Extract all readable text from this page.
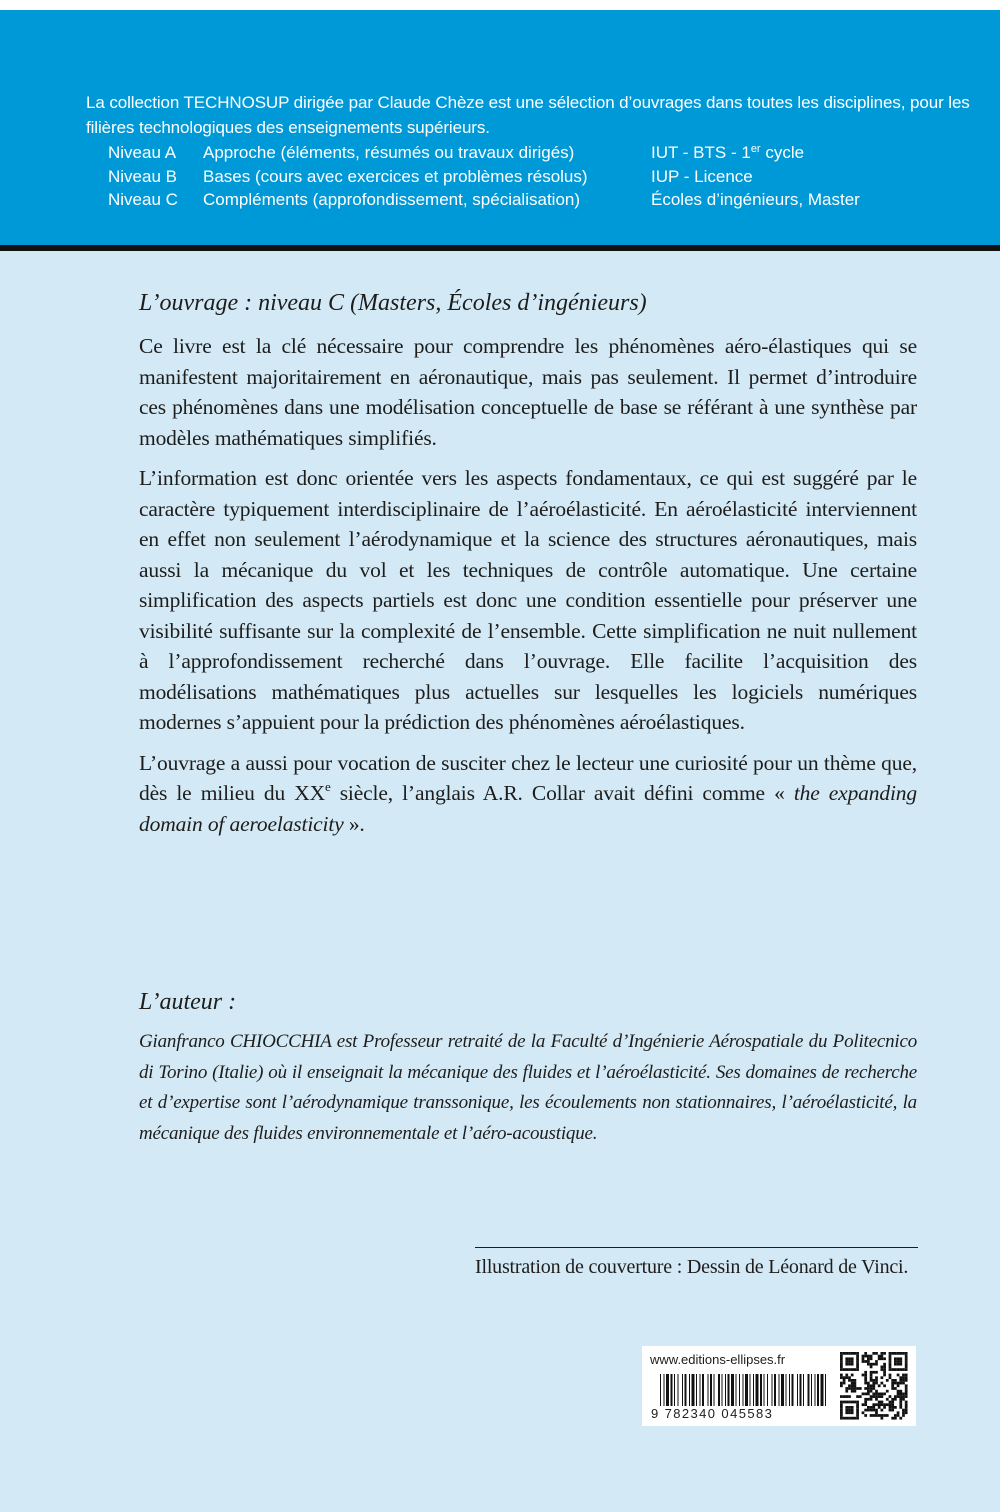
La collection TECHNOSUP dirigée par Claude Chèze est une sélection d’ouvrages dans toutes les disciplines, pour les filières technologiques des enseignements supérieurs.
Niveau A	Approche (éléments, résumés ou travaux dirigés)	IUT - BTS - 1er cycle
Niveau B	Bases (cours avec exercices et problèmes résolus)	IUP - Licence
Niveau C	Compléments (approfondissement, spécialisation)	Écoles d’ingénieurs, Master
L’ouvrage : niveau C (Masters, Écoles d’ingénieurs)

Ce livre est la clé nécessaire pour comprendre les phénomènes aéro-élastiques qui se manifestent majoritairement en aéronautique, mais pas seulement. Il permet d’introduire ces phénomènes dans une modélisation conceptuelle de base se référant à une synthèse par modèles mathématiques simplifiés.

L’information est donc orientée vers les aspects fondamentaux, ce qui est suggéré par le caractère typiquement interdisciplinaire de l’aéroélasticité. En aéroélasticité interviennent en effet non seulement l’aérodynamique et la science des structures aéronautiques, mais aussi la mécanique du vol et les techniques de contrôle automatique. Une certaine simplification des aspects partiels est donc une condition essentielle pour préserver une visibilité suffisante sur la complexité de l’ensemble. Cette simplification ne nuit nullement à l’approfondissement recherché dans l’ouvrage. Elle facilite l’acquisition des modélisations mathématiques plus actuelles sur lesquelles les logiciels numériques modernes s’appuient pour la prédiction des phénomènes aéroélastiques.

L’ouvrage a aussi pour vocation de susciter chez le lecteur une curiosité pour un thème que, dès le milieu du XXe siècle, l’anglais A.R. Collar avait défini comme « the expanding domain of aeroelasticity ».

L’auteur :

Gianfranco CHIOCCHIA est Professeur retraité de la Faculté d’Ingénierie Aérospatiale du Politecnico di Torino (Italie) où il enseignait la mécanique des fluides et l’aéroélasticité. Ses domaines de recherche et d’expertise sont l’aérodynamique transsonique, les écoulements non stationnaires, l’aéroélasticité, la mécanique des fluides environnementale et l’aéro-acoustique.

Illustration de couverture : Dessin de Léonard de Vinci.
www.editions-ellipses.fr
9 782340 045583
